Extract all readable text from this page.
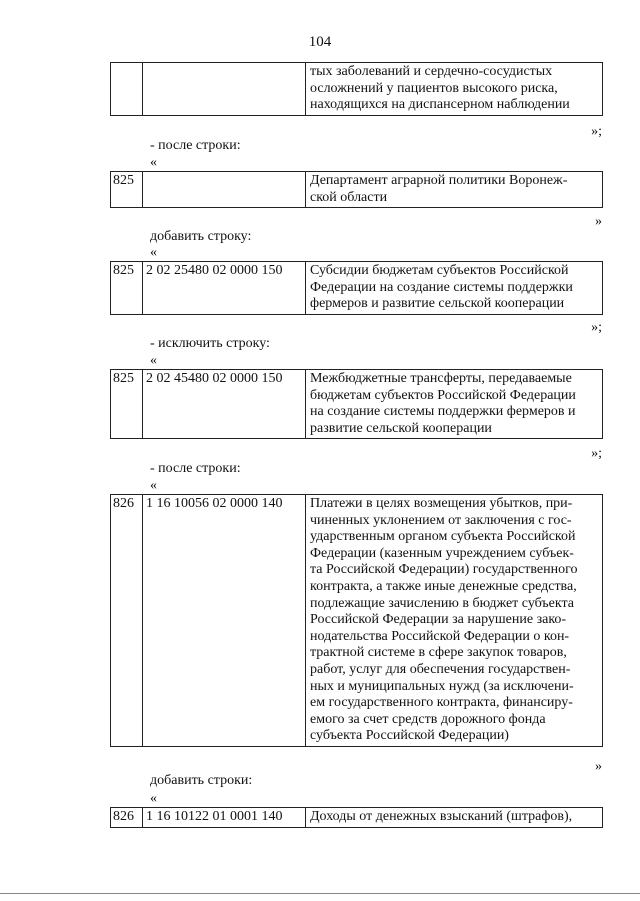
104
		тых заболеваний и сердечно-сосудистых
осложнений у пациентов высокого риска,
находящихся на диспансерном наблюдении
»;
- после строки:
«
825		Департамент аграрной политики Воронеж-
ской области
»
добавить строку:
«
825	2 02 25480 02 0000 150	Субсидии бюджетам субъектов Российской
Федерации на создание системы поддержки
фермеров и развитие сельской кооперации
»;
- исключить строку:
«
825	2 02 45480 02 0000 150	Межбюджетные трансферты, передаваемые
бюджетам субъектов Российской Федерации
на создание системы поддержки фермеров и
развитие сельской кооперации
»;
- после строки:
«
826	1 16 10056 02 0000 140	Платежи в целях возмещения убытков, при-
чиненных уклонением от заключения с гос-
ударственным органом субъекта Российской
Федерации (казенным учреждением субъек-
та Российской Федерации) государственного
контракта, а также иные денежные средства,
подлежащие зачислению в бюджет субъекта
Российской Федерации за нарушение зако-
нодательства Российской Федерации о кон-
трактной системе в сфере закупок товаров,
работ, услуг для обеспечения государствен-
ных и муниципальных нужд (за исключени-
ем государственного контракта, финансиру-
емого за счет средств дорожного фонда
субъекта Российской Федерации)
»
добавить строки:
«
826	1 16 10122 01 0001 140	Доходы от денежных взысканий (штрафов),
